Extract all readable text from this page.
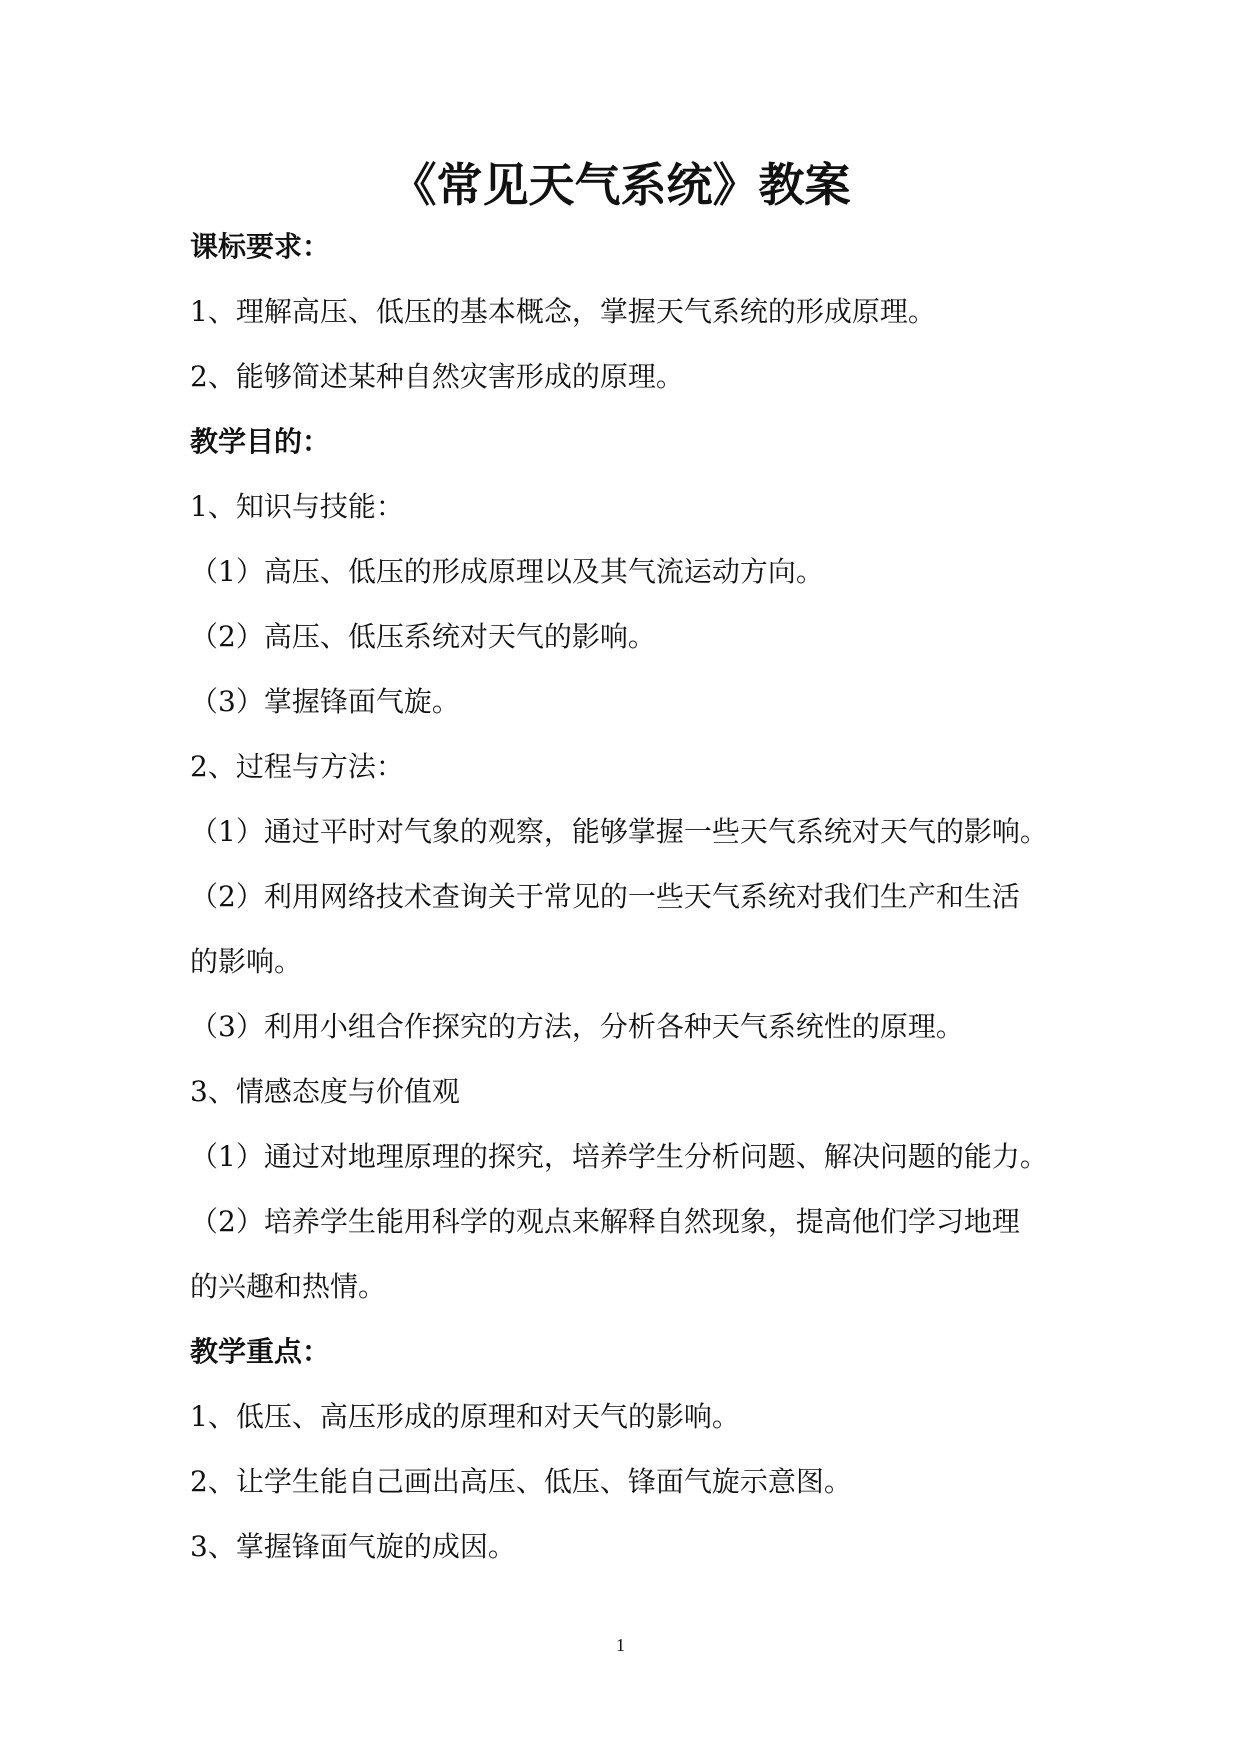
《常见天气系统》教案

课标要求：

1、理解高压、低压的基本概念，掌握天气系统的形成原理。

2、能够简述某种自然灾害形成的原理。

教学目的：

1、知识与技能：

（1）高压、低压的形成原理以及其气流运动方向。

（2）高压、低压系统对天气的影响。

（3）掌握锋面气旋。

2、过程与方法：

（1）通过平时对气象的观察，能够掌握一些天气系统对天气的影响。

（2）利用网络技术查询关于常见的一些天气系统对我们生产和生活

的影响。

（3）利用小组合作探究的方法，分析各种天气系统性的原理。

3、情感态度与价值观

（1）通过对地理原理的探究，培养学生分析问题、解决问题的能力。

（2）培养学生能用科学的观点来解释自然现象，提高他们学习地理

的兴趣和热情。

教学重点：

1、低压、高压形成的原理和对天气的影响。

2、让学生能自己画出高压、低压、锋面气旋示意图。

3、掌握锋面气旋的成因。

1
